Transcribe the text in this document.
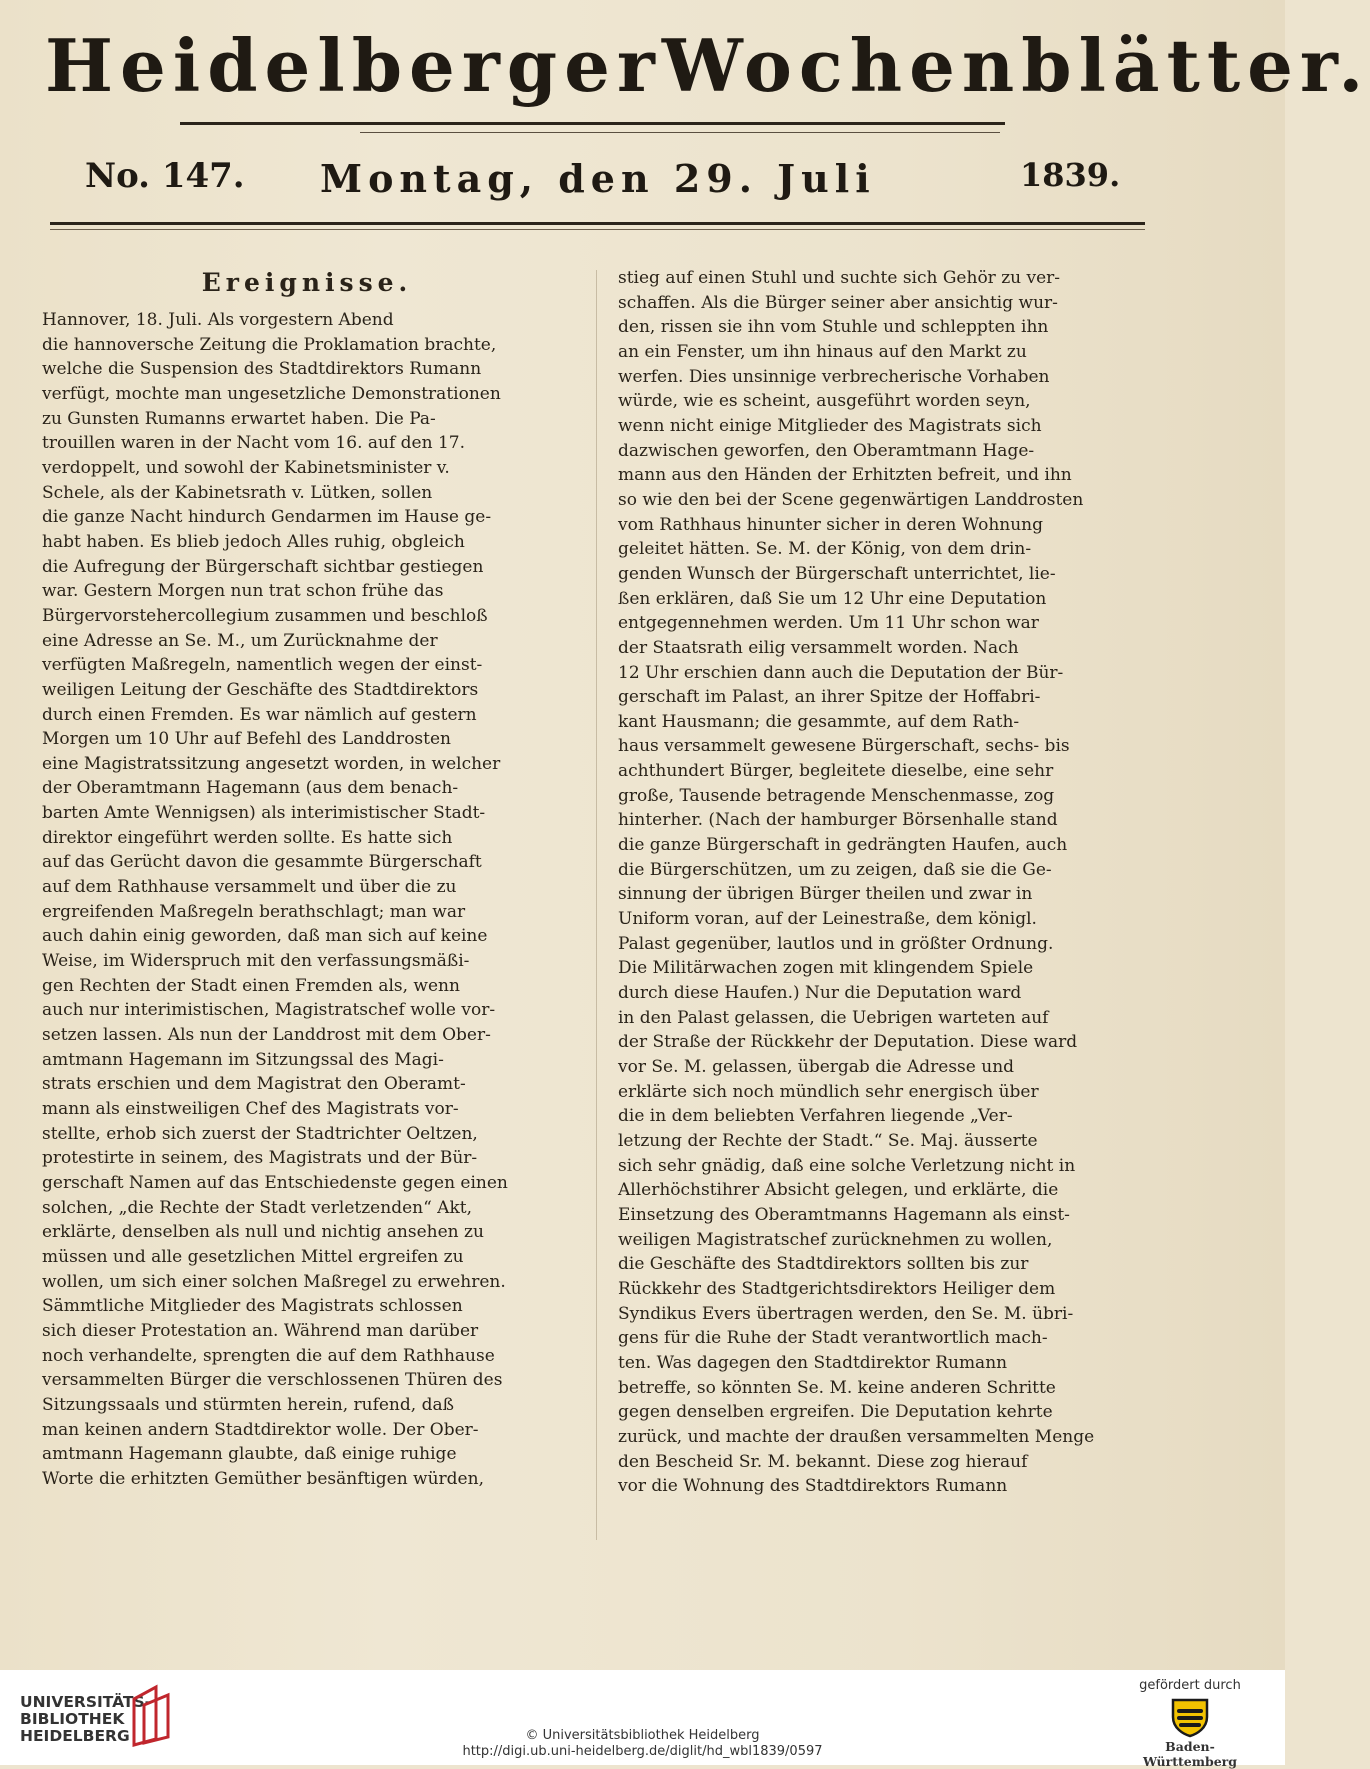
Heidelberger Wochenblätter.
No. 147. Montag, den 29. Juli	1839.
Ereignisse.

Hannover, 18. Juli. Als vorgestern Abend
die hannoversche Zeitung die Proklamation brachte,
welche die Suspension des Stadtdirektors Rumann
verfügt, mochte man ungesetzliche Demonstrationen
zu Gunsten Rumanns erwartet haben. Die Pa-
trouillen waren in der Nacht vom 16. auf den 17.
verdoppelt, und sowohl der Kabinetsminister v.
Schele, als der Kabinetsrath v. Lütken, sollen
die ganze Nacht hindurch Gendarmen im Hause ge-
habt haben. Es blieb jedoch Alles ruhig, obgleich
die Aufregung der Bürgerschaft sichtbar gestiegen
war. Gestern Morgen nun trat schon frühe das
Bürgervorstehercollegium zusammen und beschloß
eine Adresse an Se. M., um Zurücknahme der
verfügten Maßregeln, namentlich wegen der einst-
weiligen Leitung der Geschäfte des Stadtdirektors
durch einen Fremden. Es war nämlich auf gestern
Morgen um 10 Uhr auf Befehl des Landdrosten
eine Magistratssitzung angesetzt worden, in welcher
der Oberamtmann Hagemann (aus dem benach-
barten Amte Wennigsen) als interimistischer Stadt-
direktor eingeführt werden sollte. Es hatte sich
auf das Gerücht davon die gesammte Bürgerschaft
auf dem Rathhause versammelt und über die zu
ergreifenden Maßregeln berathschlagt; man war
auch dahin einig geworden, daß man sich auf keine
Weise, im Widerspruch mit den verfassungsmäßi-
gen Rechten der Stadt einen Fremden als, wenn
auch nur interimistischen, Magistratschef wolle vor-
setzen lassen. Als nun der Landdrost mit dem Ober-
amtmann Hagemann im Sitzungssal des Magi-
strats erschien und dem Magistrat den Oberamt-
mann als einstweiligen Chef des Magistrats vor-
stellte, erhob sich zuerst der Stadtrichter Oeltzen,
protestirte in seinem, des Magistrats und der Bür-
gerschaft Namen auf das Entschiedenste gegen einen
solchen, „die Rechte der Stadt verletzenden“ Akt,
erklärte, denselben als null und nichtig ansehen zu
müssen und alle gesetzlichen Mittel ergreifen zu
wollen, um sich einer solchen Maßregel zu erwehren.
Sämmtliche Mitglieder des Magistrats schlossen
sich dieser Protestation an. Während man darüber
noch verhandelte, sprengten die auf dem Rathhause
versammelten Bürger die verschlossenen Thüren des
Sitzungssaals und stürmten herein, rufend, daß
man keinen andern Stadtdirektor wolle. Der Ober-
amtmann Hagemann glaubte, daß einige ruhige
Worte die erhitzten Gemüther besänftigen würden,

stieg auf einen Stuhl und suchte sich Gehör zu ver-
schaffen. Als die Bürger seiner aber ansichtig wur-
den, rissen sie ihn vom Stuhle und schleppten ihn
an ein Fenster, um ihn hinaus auf den Markt zu
werfen. Dies unsinnige verbrecherische Vorhaben
würde, wie es scheint, ausgeführt worden seyn,
wenn nicht einige Mitglieder des Magistrats sich
dazwischen geworfen, den Oberamtmann Hage-
mann aus den Händen der Erhitzten befreit, und ihn
so wie den bei der Scene gegenwärtigen Landdrosten
vom Rathhaus hinunter sicher in deren Wohnung
geleitet hätten. Se. M. der König, von dem drin-
genden Wunsch der Bürgerschaft unterrichtet, lie-
ßen erklären, daß Sie um 12 Uhr eine Deputation
entgegennehmen werden. Um 11 Uhr schon war
der Staatsrath eilig versammelt worden. Nach
12 Uhr erschien dann auch die Deputation der Bür-
gerschaft im Palast, an ihrer Spitze der Hoffabri-
kant Hausmann; die gesammte, auf dem Rath-
haus versammelt gewesene Bürgerschaft, sechs- bis
achthundert Bürger, begleitete dieselbe, eine sehr
große, Tausende betragende Menschenmasse, zog
hinterher. (Nach der hamburger Börsenhalle stand
die ganze Bürgerschaft in gedrängten Haufen, auch
die Bürgerschützen, um zu zeigen, daß sie die Ge-
sinnung der übrigen Bürger theilen und zwar in
Uniform voran, auf der Leinestraße, dem königl.
Palast gegenüber, lautlos und in größter Ordnung.
Die Militärwachen zogen mit klingendem Spiele
durch diese Haufen.) Nur die Deputation ward
in den Palast gelassen, die Uebrigen warteten auf
der Straße der Rückkehr der Deputation. Diese ward
vor Se. M. gelassen, übergab die Adresse und
erklärte sich noch mündlich sehr energisch über
die in dem beliebten Verfahren liegende „Ver-
letzung der Rechte der Stadt.“ Se. Maj. äusserte
sich sehr gnädig, daß eine solche Verletzung nicht in
Allerhöchstihrer Absicht gelegen, und erklärte, die
Einsetzung des Oberamtmanns Hagemann als einst-
weiligen Magistratschef zurücknehmen zu wollen,
die Geschäfte des Stadtdirektors sollten bis zur
Rückkehr des Stadtgerichtsdirektors Heiliger dem
Syndikus Evers übertragen werden, den Se. M. übri-
gens für die Ruhe der Stadt verantwortlich mach-
ten. Was dagegen den Stadtdirektor Rumann
betreffe, so könnten Se. M. keine anderen Schritte
gegen denselben ergreifen. Die Deputation kehrte
zurück, und machte der draußen versammelten Menge
den Bescheid Sr. M. bekannt. Diese zog hierauf
vor die Wohnung des Stadtdirektors Rumann

UNIVERSITÄTS-
BIBLIOTHEK
HEIDELBERG	© Universitätsbibliothek Heidelberg
http://digi.ub.uni-heidelberg.de/diglit/hd_wbl1839/0597
gefördert durch
Baden-Württemberg
